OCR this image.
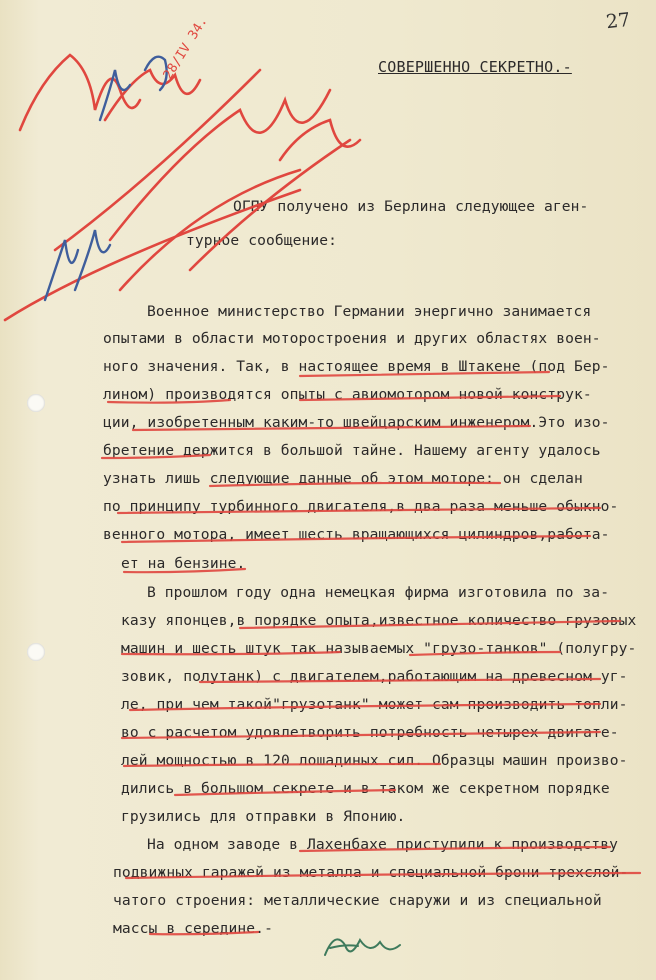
27
СОВЕРШЕННО СЕКРЕТНО.-
ОГПУ получено из Берлина следующее аген-
турное сообщение:
Военное министерство Германии энергично занимается
опытами в области моторостроения и других областях воен-
ного значения. Так, в настоящее время в Штакене (под Бер-
лином) производятся опыты с авиомотором новой конструк-
ции, изобретенным каким-то швейцарским инженером.Это изо-
бретение держится в большой тайне. Нашему агенту удалось
узнать лишь следующие данные об этом моторе: он сделан
по принципу турбинного двигателя,в два раза меньше обыкно-
венного мотора, имеет шесть вращающихся цилиндров,работа-
ет на бензине.
В прошлом году одна немецкая фирма изготовила по за-
казу японцев,в порядке опыта,известное количество грузовых
машин и шесть штук так называемых "грузо-танков" (полугру-
зовик, полутанк) с двигателем,работающим на древесном уг-
ле, при чем такой"грузотанк" может сам производить топли-
во с расчетом удовлетворить потребность четырех двигате-
лей мощностью в 120 лошадиных сил. Образцы машин произво-
дились в большом секрете и в таком же секретном порядке
грузились для отправки в Японию.
На одном заводе в Лахенбахе приступили к производству
подвижных гаражей из металла и специальной брони трехслой-
чатого строения: металлические снаружи и из специальной
массы в середине.-
28/IV 34.
